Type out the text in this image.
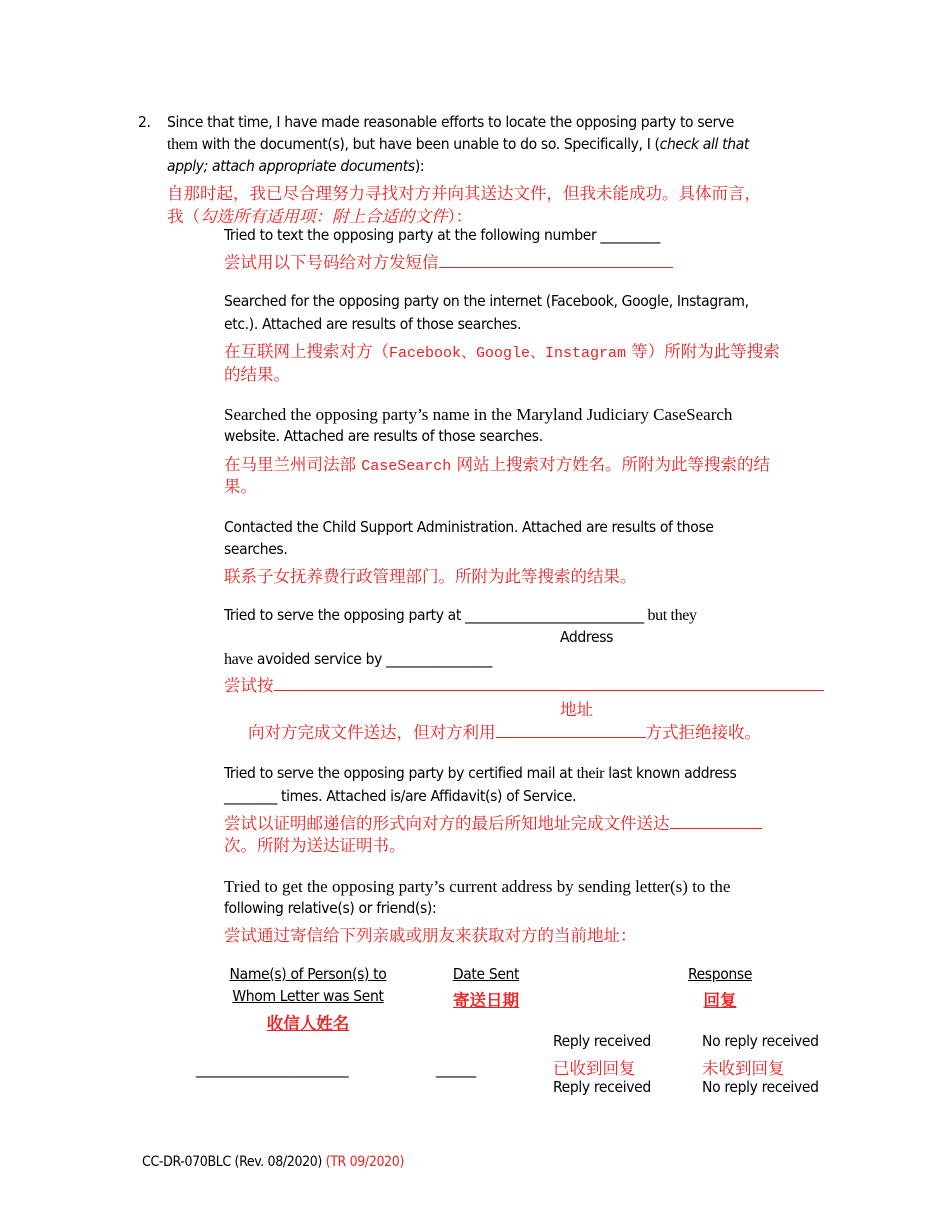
2. Since that time, I have made reasonable efforts to locate the opposing party to serve
them with the document(s), but have been unable to do so. Specifically, I (check all that
apply; attach appropriate documents):
自那时起，我已尽合理努力寻找对方并向其送达文件，但我未能成功。具体而言，
我（勾选所有适用项：附上合适的文件）：
Tried to text the opposing party at the following number _________
尝试用以下号码给对方发短信
Searched for the opposing party on the internet (Facebook, Google, Instagram,
etc.). Attached are results of those searches.
在互联网上搜索对方（Facebook、Google、Instagram 等）所附为此等搜索
的结果。
Searched the opposing party’s name in the Maryland Judiciary CaseSearch
website. Attached are results of those searches.
在马里兰州司法部 CaseSearch 网站上搜索对方姓名。所附为此等搜索的结
果。
Contacted the Child Support Administration. Attached are results of those
searches.
联系子女抚养费行政管理部门。所附为此等搜索的结果。
Tried to serve the opposing party at ___________________________ but they
Address
have avoided service by ________________
尝试按
地址
向对方完成文件送达，但对方利用	方式拒绝接收。
Tried to serve the opposing party by certified mail at their last known address
________ times. Attached is/are Affidavit(s) of Service.
尝试以证明邮递信的形式向对方的最后所知地址完成文件送达
次。所附为送达证明书。
Tried to get the opposing party’s current address by sending letter(s) to the
following relative(s) or friend(s):
尝试通过寄信给下列亲戚或朋友来获取对方的当前地址：
Name(s) of Person(s) to
Whom Letter was Sent
收信人姓名
Date Sent
寄送日期
Response
回复
_______________________	______
Reply received
已收到回复
Reply received
No reply received
未收到回复
No reply received
CC-DR-070BLC (Rev. 08/2020) (TR 09/2020)
